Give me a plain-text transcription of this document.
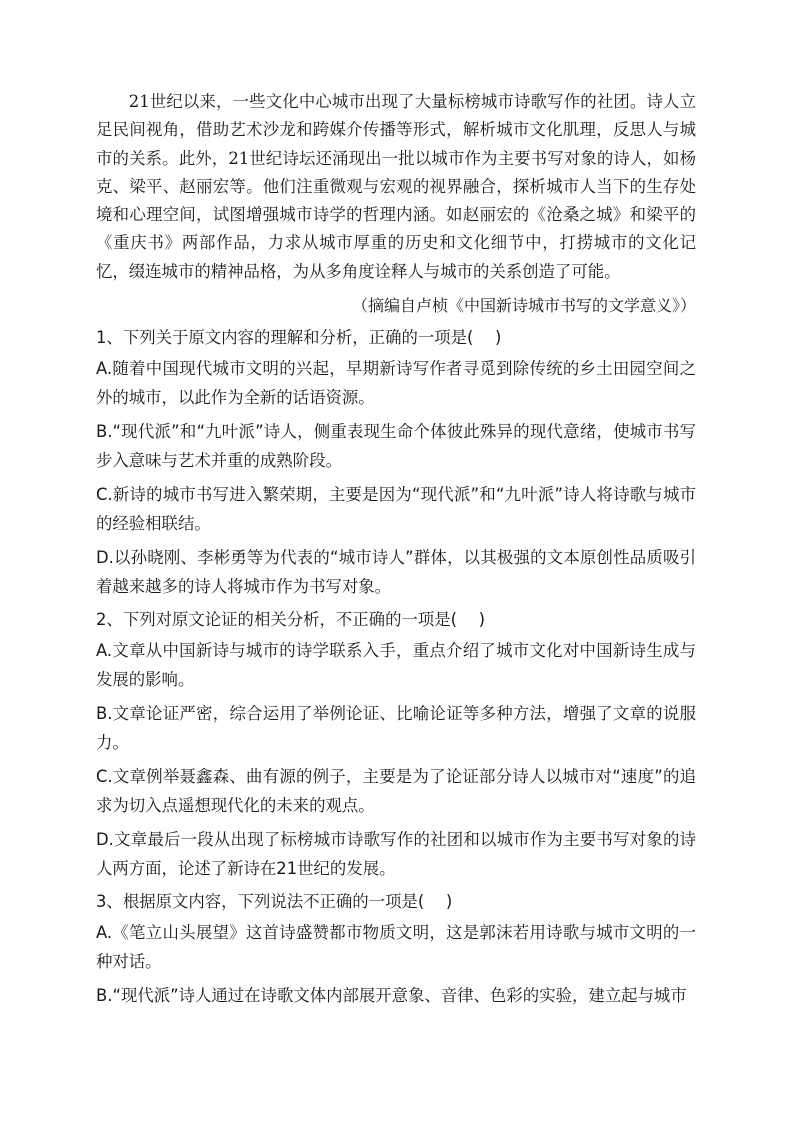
21世纪以来，一些文化中心城市出现了大量标榜城市诗歌写作的社团。诗人立足民间视角，借助艺术沙龙和跨媒介传播等形式，解析城市文化肌理，反思人与城市的关系。此外，21世纪诗坛还涌现出一批以城市作为主要书写对象的诗人，如杨克、梁平、赵丽宏等。他们注重微观与宏观的视界融合，探析城市人当下的生存处境和心理空间，试图增强城市诗学的哲理内涵。如赵丽宏的《沧桑之城》和梁平的《重庆书》两部作品，力求从城市厚重的历史和文化细节中，打捞城市的文化记忆，缀连城市的精神品格，为从多角度诠释人与城市的关系创造了可能。

（摘编自卢桢《中国新诗城市书写的文学意义》）

1、下列关于原文内容的理解和分析，正确的一项是(　 )

A.随着中国现代城市文明的兴起，早期新诗写作者寻觅到除传统的乡土田园空间之外的城市，以此作为全新的话语资源。

B.“现代派”和“九叶派”诗人，侧重表现生命个体彼此殊异的现代意绪，使城市书写步入意味与艺术并重的成熟阶段。

C.新诗的城市书写进入繁荣期，主要是因为“现代派”和“九叶派”诗人将诗歌与城市的经验相联结。

D.以孙晓刚、李彬勇等为代表的“城市诗人”群体，以其极强的文本原创性品质吸引着越来越多的诗人将城市作为书写对象。

2、下列对原文论证的相关分析，不正确的一项是(　 )

A.文章从中国新诗与城市的诗学联系入手，重点介绍了城市文化对中国新诗生成与发展的影响。

B.文章论证严密，综合运用了举例论证、比喻论证等多种方法，增强了文章的说服力。

C.文章例举聂鑫森、曲有源的例子，主要是为了论证部分诗人以城市对“速度”的追求为切入点遥想现代化的未来的观点。

D.文章最后一段从出现了标榜城市诗歌写作的社团和以城市作为主要书写对象的诗人两方面，论述了新诗在21世纪的发展。

3、根据原文内容，下列说法不正确的一项是(　 )

A.《笔立山头展望》这首诗盛赞都市物质文明，这是郭沫若用诗歌与城市文明的一种对话。

B.“现代派”诗人通过在诗歌文体内部展开意象、音律、色彩的实验，建立起与城市
